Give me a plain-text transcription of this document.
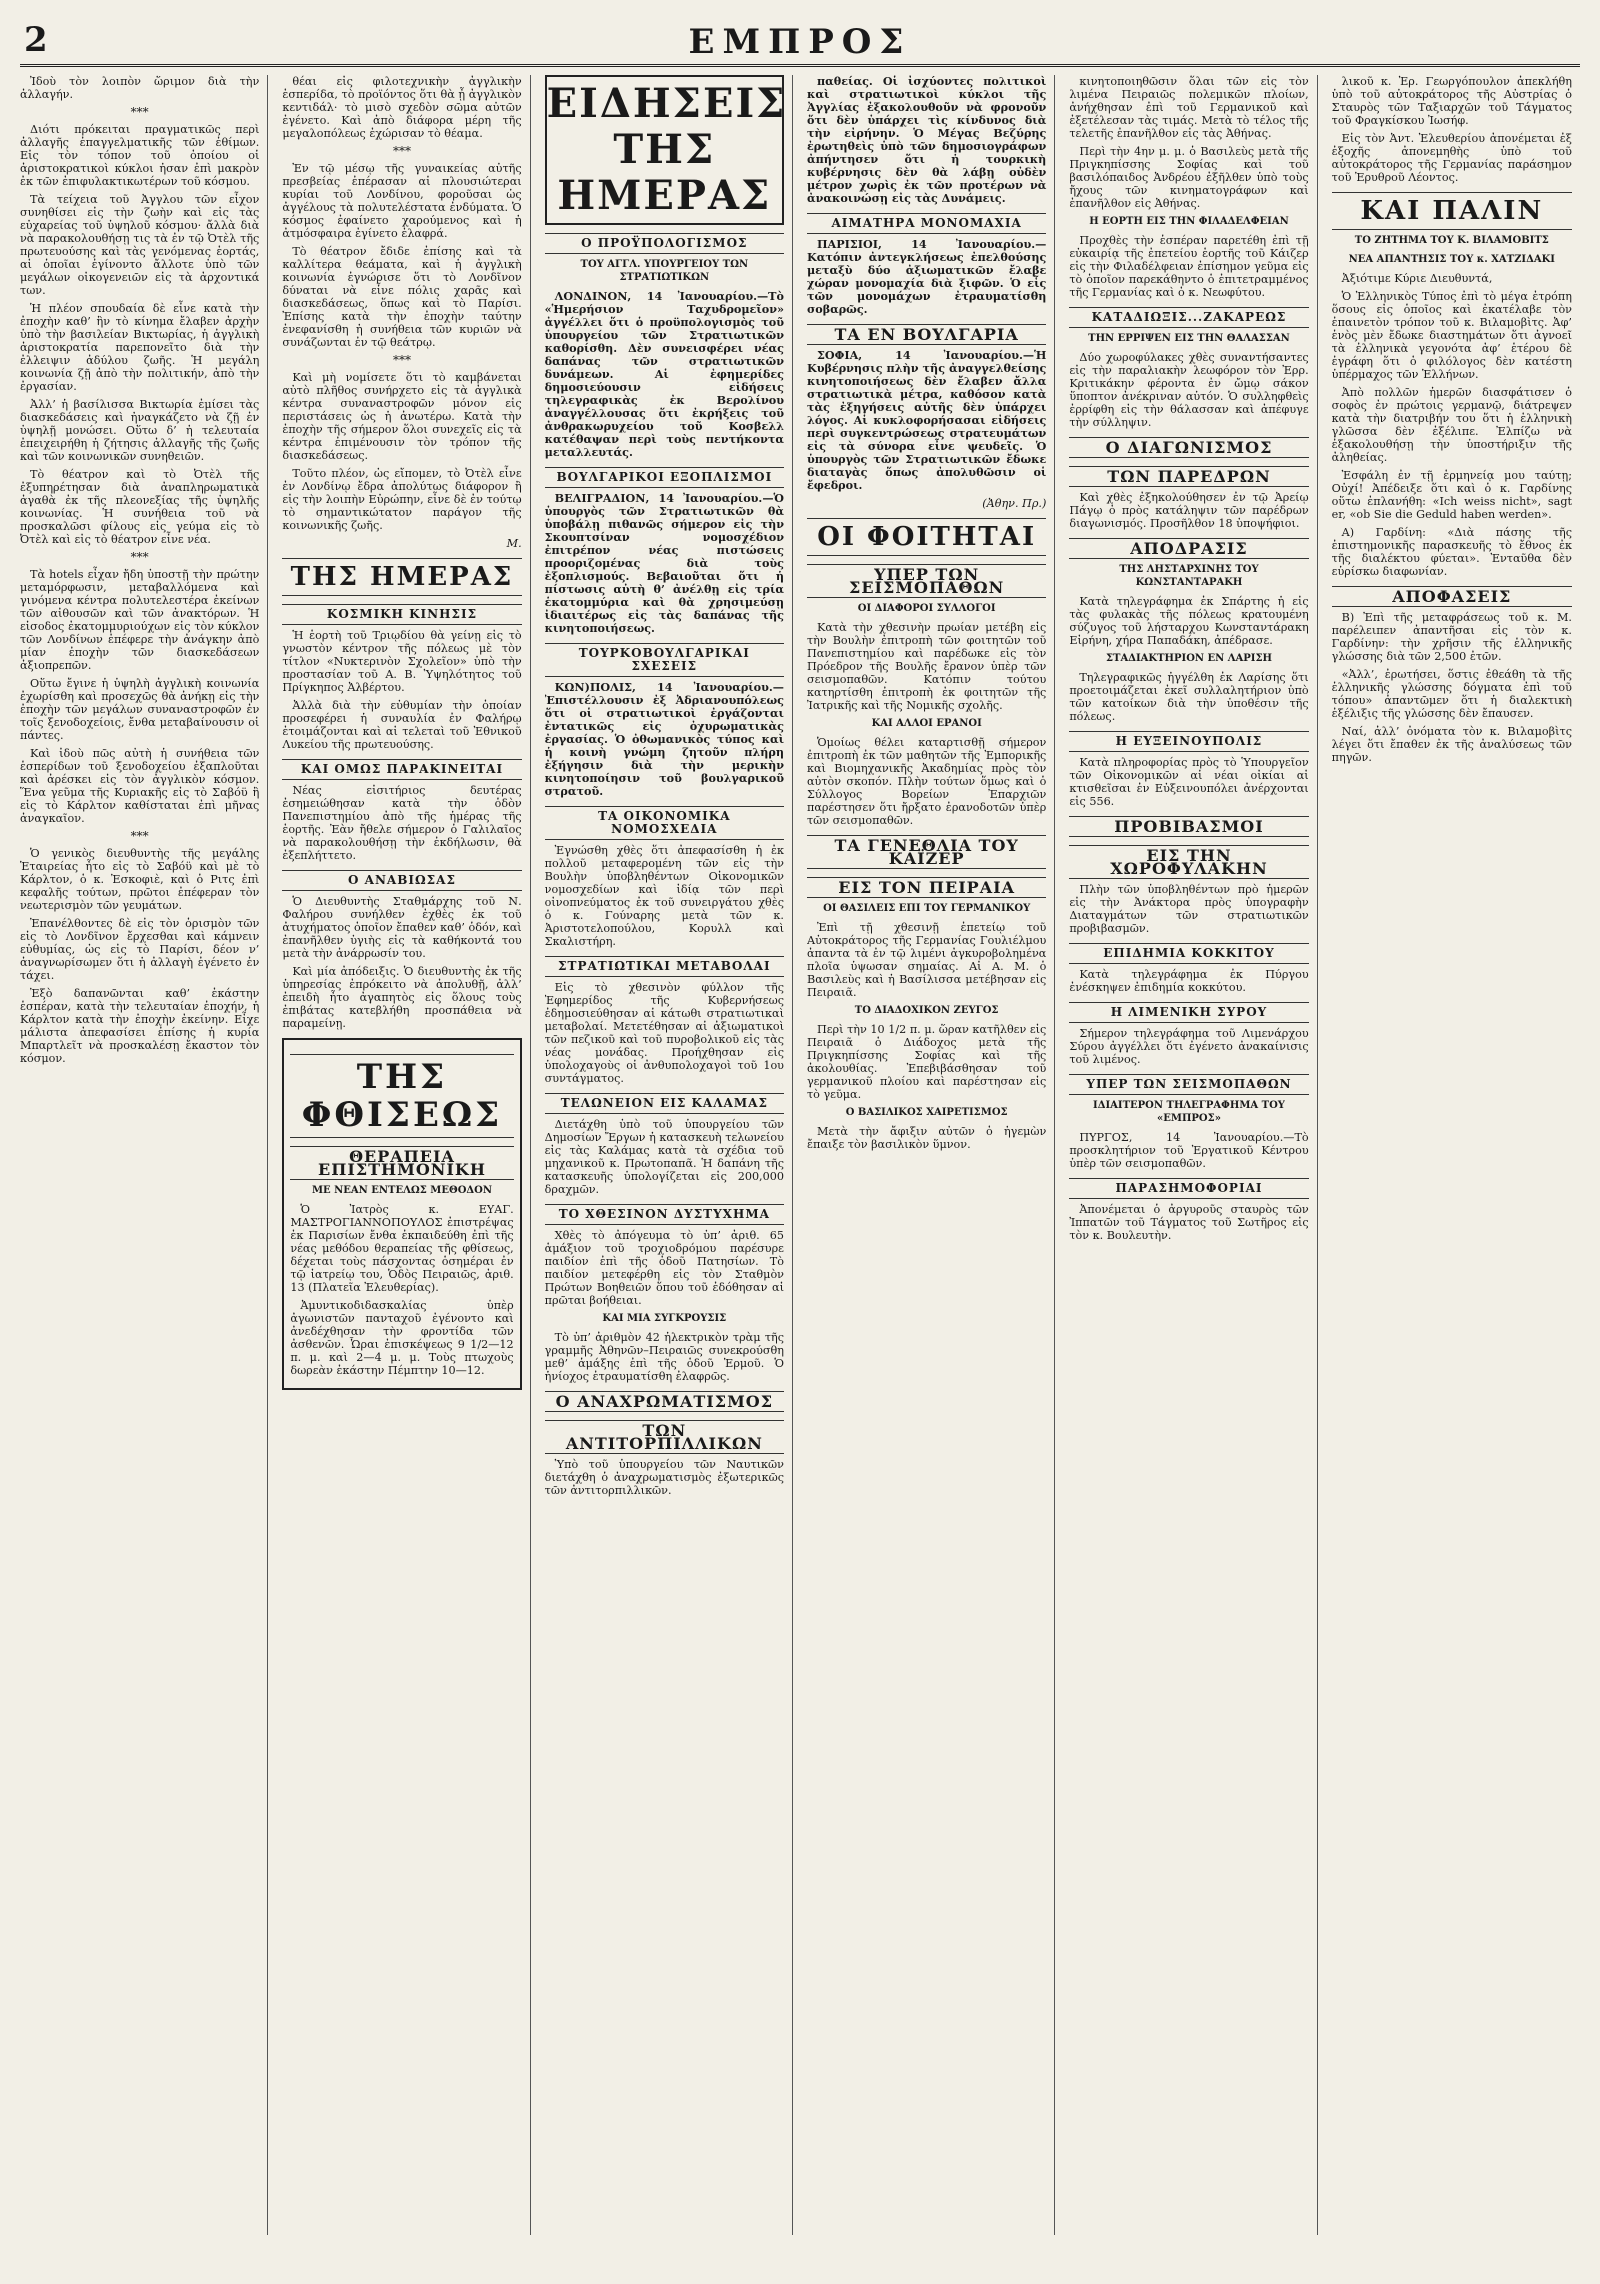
2	ΕΜΠΡΟΣ

Ἰδοὺ τὸν λοιπὸν ὥριμον διὰ τὴν ἀλλαγήν.

***

Διότι πρόκειται πραγματικῶς περὶ ἀλλαγῆς ἐπαγγελματικῆς τῶν ἐθίμων. Εἰς τὸν τόπον τοῦ ὁποίου οἱ ἀριστοκρατικοὶ κύκλοι ἠσαν ἐπὶ μακρὸν ἐκ τῶν ἐπιφυλακτικωτέρων τοῦ κόσμου.

Τὰ τείχεια τοῦ Ἀγγλου τῶν εἶχον συνηθίσει εἰς τὴν ζωὴν καὶ εἰς τὰς εὐχαρείας τοῦ ὑψηλοῦ κόσμου· ἄλλὰ διὰ νὰ παρακολουθήσῃ τις τὰ ἐν τῷ Ὀτὲλ τῆς πρωτευούσης καὶ τὰς γενόμενας ἑορτάς, αἱ ὁποῖαι ἐγίνοντο ἄλλοτε ὑπὸ τῶν μεγάλων οἰκογενειῶν εἰς τὰ ἀρχοντικά των.

Ἡ πλέον σπουδαία δὲ εἶνε κατὰ τὴν ἐποχὴν καθ’ ἣν τὸ κίνημα ἔλαβεν ἀρχὴν ὑπὸ τὴν βασιλείαν Βικτωρίας, ἡ ἀγγλικὴ ἀριστοκρατία παρεπονεῖτο διὰ τὴν ἐλλειψιν ἀδύλου ζωῆς. Ἡ μεγάλη κοινωνία ζῇ ἀπὸ τὴν πολιτικήν, ἀπὸ τὴν ἐργασίαν.

Ἀλλ’ ἡ βασίλισσα Βικτωρία ἐμίσει τὰς διασκεδάσεις καὶ ἠναγκάζετο νὰ ζῇ ἐν ὑψηλῇ μονώσει. Οὕτω δ’ ἡ τελευταία ἐπειχειρήθη ἡ ζήτησις ἀλλαγῆς τῆς ζωῆς καὶ τῶν κοινωνικῶν συνηθειῶν.

Τὸ θέατρον καὶ τὸ Ὀτὲλ τῆς ἐξυπηρέτησαν διὰ ἀναπληρωματικὰ ἀγαθὰ ἐκ τῆς πλεονεξίας τῆς ὑψηλῆς κοινωνίας. Ἡ συνήθεια τοῦ νὰ προσκαλῶσι φίλους εἰς γεύμα εἰς τὸ Ὀτὲλ καὶ εἰς τὸ θέατρον εἶνε νέα.

***

Τὰ hotels εἶχαν ἤδη ὑποστῇ τὴν πρώτην μεταμόρφωσιν, μεταβαλλόμενα καὶ γινόμενα κέντρα πολυτελεστέρα ἐκείνων τῶν αἰθουσῶν καὶ τῶν ἀνακτόρων. Ἡ εἰσοδος ἐκατομμυριούχων εἰς τὸν κύκλον τῶν Λονδίνων ἐπέφερε τὴν ἀνάγκην ἀπὸ μίαν ἐποχὴν τῶν διασκεδάσεων ἀξιοπρεπῶν.

Οὕτω ἔγινε ἡ ὑψηλὴ ἀγγλικὴ κοινωνία ἐχωρίσθη καὶ προσεχῶς θὰ ἀνήκῃ εἰς τὴν ἐποχὴν τῶν μεγάλων συναναστροφῶν ἐν τοῖς ξενοδοχείοις, ἔνθα μεταβαίνουσιν οἱ πάντες.

Καὶ ἰδοὺ πῶς αὐτὴ ἡ συνήθεια τῶν ἑσπερίδων τοῦ ξενοδοχείου ἐξαπλοῦται καὶ ἀρέσκει εἰς τὸν ἀγγλικὸν κόσμον. Ἕνα γεῦμα τῆς Κυριακῆς εἰς τὸ Σαβόϋ ἢ εἰς τὸ Κάρλτον καθίσταται ἐπὶ μῆνας ἀναγκαῖον.

***

Ὁ γενικὸς διευθυντὴς τῆς μεγάλης Ἑταιρείας ἦτο εἰς τὸ Σαβόϋ καὶ μὲ τὸ Κάρλτον, ὁ κ. Ἐσκοφιὲ, καὶ ὁ Ριτς ἐπὶ κεφαλῆς τούτων, πρῶτοι ἐπέφεραν τὸν νεωτερισμὸν τῶν γευμάτων.

Ἐπανέλθοντες δὲ εἰς τὸν ὁρισμὸν τῶν εἰς τὸ Λονδῖνον ἔρχεσθαι καὶ κάμνειν εὐθυμίας, ὡς εἰς τὸ Παρίσι, δέον ν’ ἀναγνωρίσωμεν ὅτι ἡ ἀλλαγὴ ἐγένετο ἐν τάχει.

Ἐξὸ δαπανῶνται καθ’ ἑκάστην ἑσπέραν, κατὰ τὴν τελευταίαν ἐποχήν, ἡ Κάρλτον κατὰ τὴν ἐποχὴν ἐκείνην. Εἶχε μάλιστα ἀπεφασίσει ἐπίσης ἡ κυρία Μπαρτλεῖτ νὰ προσκαλέσῃ ἔκαστον τὸν κόσμον.

θέαι εἰς φιλοτεχνικὴν ἀγγλικὴν ἑσπερίδα, τὸ προϊόντος ὅτι θὰ ᾖ ἀγγλικὸν κεντιδάλ· τὸ μισὸ σχεδὸν σῶμα αὐτῶν ἐγένετο. Καὶ ἀπὸ διάφορα μέρη τῆς μεγαλοπόλεως ἐχώρισαν τὸ θέαμα.

***

Ἐν τῷ μέσῳ τῆς γυναικείας αὐτῆς πρεσβείας ἐπέρασαν αἱ πλουσιώτεραι κυρίαι τοῦ Λονδίνου, φοροῦσαι ὡς ἀγγέλους τὰ πολυτελέστατα ἐνδύματα. Ὁ κόσμος ἐφαίνετο χαρούμενος καὶ ἡ ἀτμόσφαιρα ἐγίνετο ἐλαφρά.

Τὸ θέατρον ἔδιδε ἐπίσης καὶ τὰ καλλίτερα θεάματα, καὶ ἡ ἀγγλικὴ κοινωνία ἐγνώρισε ὅτι τὸ Λονδῖνον δύναται νὰ εἶνε πόλις χαρᾶς καὶ διασκεδάσεως, ὅπως καὶ τὸ Παρίσι. Ἐπίσης κατὰ τὴν ἐποχὴν ταύτην ἐνεφανίσθη ἡ συνήθεια τῶν κυριῶν νὰ συνάζωνται ἐν τῷ θεάτρῳ.

***

Καὶ μὴ νομίσετε ὅτι τὸ καμβάνεται αὐτὸ πλῆθος συνήρχετο εἰς τὰ ἀγγλικὰ κέντρα συναναστροφῶν μόνον εἰς περιστάσεις ὡς ἡ ἀνωτέρω. Κατὰ τὴν ἐποχὴν τῆς σήμερον ὅλοι συνεχεῖς εἰς τὰ κέντρα ἐπιμένουσιν τὸν τρόπον τῆς διασκεδάσεως.

Τοῦτο πλέον, ὡς εἴπομεν, τὸ Ὀτὲλ εἶνε ἐν Λονδίνῳ ἔδρα ἀπολύτως διάφορον ἢ εἰς τὴν λοιπὴν Εὐρώπην, εἶνε δὲ ἐν τούτῳ τὸ σημαντικώτατον παράγον τῆς κοινωνικῆς ζωῆς.

Μ.
ΤΗΣ ΗΜΕΡΑΣ
ΚΟΣΜΙΚΗ ΚΙΝΗΣΙΣ

Ἡ ἑορτὴ τοῦ Τριῳδίου θὰ γείνῃ εἰς τὸ γνωστὸν κέντρον τῆς πόλεως μὲ τὸν τίτλον «Νυκτερινὸν Σχολεῖον» ὑπὸ τὴν προστασίαν τοῦ Α. Β. Ὑψηλότητος τοῦ Πρίγκηπος Ἀλβέρτου.

Ἀλλὰ διὰ τὴν εὐθυμίαν τὴν ὁποίαν προσεφέρει ἡ συναυλία ἐν Φαλήρῳ ἐτοιμάζονται καὶ αἱ τελεταὶ τοῦ Ἐθνικοῦ Λυκείου τῆς πρωτευούσης.

ΚΑΙ ΟΜΩΣ ΠΑΡΑΚΙΝΕΙΤΑΙ

Νέας εἰσιτήριος δευτέρας ἐσημειώθησαν κατὰ τὴν ὁδὸν Πανεπιστημίου ἀπὸ τῆς ἡμέρας τῆς ἑορτῆς. Ἐὰν ἤθελε σήμερον ὁ Γαλιλαῖος νὰ παρακολουθήσῃ τὴν ἐκδήλωσιν, θὰ ἐξεπλήττετο.

Ο ΑΝΑΒΙΩΣΑΣ

Ὁ Διευθυντὴς Σταθμάρχης τοῦ Ν. Φαλήρου συνήλθεν ἐχθὲς ἐκ τοῦ ἀτυχήματος ὁποῖον ἔπαθεν καθ’ ὁδόν, καὶ ἐπανῆλθεν ὑγιὴς εἰς τὰ καθήκοντά του μετὰ τὴν ἀνάρρωσίν του.

Καὶ μία ἀπόδειξις. Ὁ διευθυντὴς ἐκ τῆς ὑπηρεσίας ἐπρόκειτο νὰ ἀπολυθῇ, ἀλλ’ ἐπειδὴ ἦτο ἀγαπητὸς εἰς ὅλους τοὺς ἐπιβάτας κατεβλήθη προσπάθεια νὰ παραμείνῃ.

ΤΗΣ ΦΘΙΣΕΩΣ
ΘΕΡΑΠΕΙΑ ΕΠΙΣΤΗΜΟΝΙΚΗ
ΜΕ ΝΕΑΝ ΕΝΤΕΛΩΣ ΜΕΘΟΔΟΝ

Ὁ Ἰατρὸς κ. ΕΥΑΓ. ΜΑΣΤΡΟΓΙΑΝΝΟΠΟΥΛΟΣ ἐπιστρέψας ἐκ Παρισίων ἔνθα ἐκπαιδεύθη ἐπὶ τῆς νέας μεθόδου θεραπείας τῆς φθίσεως, δέχεται τοὺς πάσχοντας ὁσημέραι ἐν τῷ ἰατρείῳ του, Ὁδὸς Πειραιῶς, ἀριθ. 13 (Πλατεῖα Ἐλευθερίας).

Ἀμυντικοδιδασκαλίας ὑπὲρ ἀγωνιστῶν πανταχοῦ ἐγένοντο καὶ ἀνεδέχθησαν τὴν φροντίδα τῶν ἀσθενῶν. Ὧραι ἐπισκέψεως 9 1/2—12 π. μ. καὶ 2—4 μ. μ. Τοὺς πτωχοὺς δωρεὰν ἑκάστην Πέμπτην 10—12.

ΕΙΔΗΣΕΙΣ ΤΗΣ ΗΜΕΡΑΣ
Ο ΠΡΟΫΠΟΛΟΓΙΣΜΟΣ
ΤΟΥ ΑΓΓΛ. ΥΠΟΥΡΓΕΙΟΥ ΤΩΝ ΣΤΡΑΤΙΩΤΙΚΩΝ

ΛΟΝΔΙΝΟΝ, 14 Ἰανουαρίου.—Τὸ «Ἡμερήσιον Ταχυδρομεῖον» ἀγγέλλει ὅτι ὁ προϋπολογισμὸς τοῦ ὑπουργείου τῶν Στρατιωτικῶν καθορίσθη. Δὲν συνεισφέρει νέας δαπάνας τῶν στρατιωτικῶν δυνάμεων. Αἱ ἐφημερίδες δημοσιεύουσιν εἰδήσεις τηλεγραφικὰς ἐκ Βερολίνου ἀναγγέλλουσας ὅτι ἐκρήξεις τοῦ ἀνθρακωρυχείου τοῦ Κοσβελλ κατέθαψαν περὶ τοὺς πεντήκοντα μεταλλευτάς.

ΒΟΥΛΓΑΡΙΚΟΙ ΕΞΟΠΛΙΣΜΟΙ

ΒΕΛΙΓΡΑΔΙΟΝ, 14 Ἰανουαρίου.—Ὁ ὑπουργὸς τῶν Στρατιωτικῶν θὰ ὑποβάλῃ πιθανῶς σήμερον εἰς τὴν Σκουπτσίναν νομοσχέδιον ἐπιτρέπον νέας πιστώσεις προοριζομένας διὰ τοὺς ἐξοπλισμούς. Βεβαιοῦται ὅτι ἡ πίστωσις αὐτὴ θ’ ἀνέλθῃ εἰς τρία ἑκατομμύρια καὶ θὰ χρησιμεύσῃ ἰδιαιτέρως εἰς τὰς δαπάνας τῆς κινητοποιήσεως.

ΤΟΥΡΚΟΒΟΥΛΓΑΡΙΚΑΙ ΣΧΕΣΕΙΣ

ΚΩΝ)ΠΟΛΙΣ, 14 Ἰανουαρίου.—Ἐπιστέλλουσιν ἐξ Ἀδριανουπόλεως ὅτι οἱ στρατιωτικοὶ ἐργάζονται ἐντατικῶς εἰς ὀχυρωματικὰς ἐργασίας. Ὁ ὀθωμανικὸς τύπος καὶ ἡ κοινὴ γνώμη ζητοῦν πλήρη ἐξήγησιν διὰ τὴν μερικὴν κινητοποίησιν τοῦ βουλγαρικοῦ στρατοῦ.

ΤΑ ΟΙΚΟΝΟΜΙΚΑ ΝΟΜΟΣΧΕΔΙΑ

Ἐγνώσθη χθὲς ὅτι ἀπεφασίσθη ἡ ἐκ πολλοῦ μεταφερομένη τῶν εἰς τὴν Βουλὴν ὑποβληθέντων Οἰκονομικῶν νομοσχεδίων καὶ ἰδίᾳ τῶν περὶ οἰνοπνεύματος ἐκ τοῦ συνειργάτου χθὲς ὁ κ. Γούναρης μετὰ τῶν κ. Ἀριστοτελοπούλου, Κορυλλ καὶ Σκαλιστήρη.

ΣΤΡΑΤΙΩΤΙΚΑΙ ΜΕΤΑΒΟΛΑΙ

Εἰς τὸ χθεσινὸν φύλλον τῆς Ἐφημερίδος τῆς Κυβερνήσεως ἐδημοσιεύθησαν αἱ κάτωθι στρατιωτικαὶ μεταβολαί. Μετετέθησαν αἱ ἀξιωματικοὶ τῶν πεζικοῦ καὶ τοῦ πυροβολικοῦ εἰς τὰς νέας μονάδας. Προήχθησαν εἰς ὑπολοχαγοὺς οἱ ἀνθυπολοχαγοὶ τοῦ 1ου συντάγματος.

ΤΕΛΩΝΕΙΟΝ ΕΙΣ ΚΑΛΑΜΑΣ

Διετάχθη ὑπὸ τοῦ ὑπουργείου τῶν Δημοσίων Ἔργων ἡ κατασκευὴ τελωνείου εἰς τὰς Καλάμας κατὰ τὰ σχέδια τοῦ μηχανικοῦ κ. Πρωτοπαπᾶ. Ἡ δαπάνη τῆς κατασκευῆς ὑπολογίζεται εἰς 200,000 δραχμῶν.

ΤΟ ΧΘΕΣΙΝΟΝ ΔΥΣΤΥΧΗΜΑ

Χθὲς τὸ ἀπόγευμα τὸ ὑπ’ ἀριθ. 65 ἁμάξιον τοῦ τροχιοδρόμου παρέσυρε παιδίον ἐπὶ τῆς ὁδοῦ Πατησίων. Τὸ παιδίον μετεφέρθη εἰς τὸν Σταθμὸν Πρώτων Βοηθειῶν ὅπου τοῦ ἐδόθησαν αἱ πρῶται βοήθειαι.

ΚΑΙ ΜΙΑ ΣΥΓΚΡΟΥΣΙΣ

Τὸ ὑπ’ ἀριθμὸν 42 ἠλεκτρικὸν τρὰμ τῆς γραμμῆς Ἀθηνῶν–Πειραιῶς συνεκρούσθη μεθ’ ἁμάξης ἐπὶ τῆς ὁδοῦ Ἑρμοῦ. Ὁ ἡνίοχος ἐτραυματίσθη ἐλαφρῶς.

Ο ΑΝΑΧΡΩΜΑΤΙΣΜΟΣ
ΤΩΝ ΑΝΤΙΤΟΡΠΙΛΛΙΚΩΝ

Ὑπὸ τοῦ ὑπουργείου τῶν Ναυτικῶν διετάχθη ὁ ἀναχρωματισμὸς ἐξωτερικῶς τῶν ἀντιτορπιλλικῶν.

παθείας. Οἱ ἰσχύοντες πολιτικοὶ καὶ στρατιωτικοὶ κύκλοι τῆς Ἀγγλίας ἐξακολουθοῦν νὰ φρονοῦν ὅτι δὲν ὑπάρχει τὶς κίνδυνος διὰ τὴν εἰρήνην. Ὁ Μέγας Βεζύρης ἐρωτηθεὶς ὑπὸ τῶν δημοσιογράφων ἀπήντησεν ὅτι ἡ τουρκικὴ κυβέρνησις δὲν θὰ λάβῃ οὐδὲν μέτρον χωρὶς ἐκ τῶν προτέρων νὰ ἀνακοινώσῃ εἰς τὰς Δυνάμεις.

ΑΙΜΑΤΗΡΑ ΜΟΝΟΜΑΧΙΑ

ΠΑΡΙΣΙΟΙ, 14 Ἰανουαρίου.—Κατόπιν ἀντεγκλήσεως ἐπελθούσης μεταξὺ δύο ἀξιωματικῶν ἔλαβε χώραν μονομαχία διὰ ξιφῶν. Ὁ εἷς τῶν μονομάχων ἐτραυματίσθη σοβαρῶς.

ΤΑ ΕΝ ΒΟΥΛΓΑΡΙΑ

ΣΟΦΙΑ, 14 Ἰανουαρίου.—Ἡ Κυβέρνησις πλὴν τῆς ἀναγγελθείσης κινητοποιήσεως δὲν ἔλαβεν ἄλλα στρατιωτικὰ μέτρα, καθόσον κατὰ τὰς ἐξηγήσεις αὐτῆς δὲν ὑπάρχει λόγος. Αἱ κυκλοφορήσασαι εἰδήσεις περὶ συγκεντρώσεως στρατευμάτων εἰς τὰ σύνορα εἶνε ψευδεῖς. Ὁ ὑπουργὸς τῶν Στρατιωτικῶν ἔδωκε διαταγὰς ὅπως ἀπολυθῶσιν οἱ ἔφεδροι.

(Ἀθην. Πρ.)
ΟΙ ΦΟΙΤΗΤΑΙ
ΥΠΕΡ ΤΩΝ ΣΕΙΣΜΟΠΑΘΩΝ
ΟΙ ΔΙΑΦΟΡΟΙ ΣΥΛΛΟΓΟΙ

Κατὰ τὴν χθεσινὴν πρωίαν μετέβη εἰς τὴν Βουλὴν ἐπιτροπὴ τῶν φοιτητῶν τοῦ Πανεπιστημίου καὶ παρέδωκε εἰς τὸν Πρόεδρον τῆς Βουλῆς ἔρανον ὑπὲρ τῶν σεισμοπαθῶν. Κατόπιν τούτου κατηρτίσθη ἐπιτροπὴ ἐκ φοιτητῶν τῆς Ἰατρικῆς καὶ τῆς Νομικῆς σχολῆς.

ΚΑΙ ΑΛΛΟΙ ΕΡΑΝΟΙ

Ὁμοίως θέλει καταρτισθῇ σήμερον ἐπιτροπὴ ἐκ τῶν μαθητῶν τῆς Ἐμπορικῆς καὶ Βιομηχανικῆς Ἀκαδημίας πρὸς τὸν αὐτὸν σκοπόν. Πλὴν τούτων ὅμως καὶ ὁ Σύλλογος Βορείων Ἐπαρχιῶν παρέστησεν ὅτι ἤρξατο ἐρανοδοτῶν ὑπὲρ τῶν σεισμοπαθῶν.

ΤΑ ΓΕΝΕΘΛΙΑ ΤΟΥ ΚΑΪΖΕΡ
ΕΙΣ ΤΟΝ ΠΕΙΡΑΙΑ
ΟΙ ΘΑΣΙΛΕΙΣ ΕΠΙ ΤΟΥ ΓΕΡΜΑΝΙΚΟΥ

Ἐπὶ τῇ χθεσινῇ ἐπετείῳ τοῦ Αὐτοκράτορος τῆς Γερμανίας Γουλιέλμου ἀπαντα τὰ ἐν τῷ λιμένι ἀγκυροβολημένα πλοῖα ὑψωσαν σημαίας. Αἱ Α. Μ. ὁ Βασιλεὺς καὶ ἡ Βασίλισσα μετέβησαν εἰς Πειραιᾶ.

ΤΟ ΔΙΑΔΟΧΙΚΟΝ ΖΕΥΓΟΣ

Περὶ τὴν 10 1/2 π. μ. ὥραν κατῆλθεν εἰς Πειραιᾶ ὁ Διάδοχος μετὰ τῆς Πριγκηπίσσης Σοφίας καὶ τῆς ἀκολουθίας. Ἐπεβιβάσθησαν τοῦ γερμανικοῦ πλοίου καὶ παρέστησαν εἰς τὸ γεῦμα.

Ο ΒΑΣΙΛΙΚΟΣ ΧΑΙΡΕΤΙΣΜΟΣ

Μετὰ τὴν ἄφιξιν αὐτῶν ὁ ἡγεμὼν ἔπαιξε τὸν βασιλικὸν ὕμνον.

κινητοποιηθῶσιν ὅλαι τῶν εἰς τὸν λιμένα Πειραιῶς πολεμικῶν πλοίων, ἀνήχθησαν ἐπὶ τοῦ Γερμανικοῦ καὶ ἐξετέλεσαν τὰς τιμάς. Μετὰ τὸ τέλος τῆς τελετῆς ἐπανῆλθον εἰς τὰς Ἀθήνας.

Περὶ τὴν 4ην μ. μ. ὁ Βασιλεὺς μετὰ τῆς Πριγκηπίσσης Σοφίας καὶ τοῦ βασιλόπαιδος Ἀνδρέου ἐξῆλθεν ὑπὸ τοὺς ἤχους τῶν κινηματογράφων καὶ ἐπανῆλθον εἰς Ἀθήνας.

Η ΕΟΡΤΗ ΕΙΣ ΤΗΝ ΦΙΛΑΔΕΛΦΕΙΑΝ

Προχθὲς τὴν ἑσπέραν παρετέθη ἐπὶ τῇ εὐκαιρίᾳ τῆς ἐπετείου ἑορτῆς τοῦ Κάιζερ εἰς τὴν Φιλαδέλφειαν ἐπίσημον γεῦμα εἰς τὸ ὁποῖον παρεκάθηντο ὁ ἐπιτετραμμένος τῆς Γερμανίας καὶ ὁ κ. Νεωφύτου.

ΚΑΤΑΔΙΩΞΙΣ...ΖΑΚΑΡΕΩΣ
ΤΗΝ ΕΡΡΙΨΕΝ ΕΙΣ ΤΗΝ ΘΑΛΑΣΣΑΝ

Δύο χωροφύλακες χθὲς συναντήσαντες εἰς τὴν παραλιακὴν λεωφόρον τὸν Ἐρρ. Κριτικάκην φέροντα ἐν ὤμῳ σάκον ὕποπτον ἀνέκριναν αὐτόν. Ὁ συλληφθεὶς ἐρρίφθη εἰς τὴν θάλασσαν καὶ ἀπέφυγε τὴν σύλληψιν.

Ο ΔΙΑΓΩΝΙΣΜΟΣ
ΤΩΝ ΠΑΡΕΔΡΩΝ

Καὶ χθὲς ἐξηκολούθησεν ἐν τῷ Ἀρείῳ Πάγῳ ὁ πρὸς κατάληψιν τῶν παρέδρων διαγωνισμός. Προσῆλθον 18 ὑποψήφιοι.

ΑΠΟΔΡΑΣΙΣ
ΤΗΣ ΛΗΣΤΑΡΧΙΝΗΣ ΤΟΥ ΚΩΝΣΤΑΝΤΑΡΑΚΗ

Κατὰ τηλεγράφημα ἐκ Σπάρτης ἡ εἰς τὰς φυλακὰς τῆς πόλεως κρατουμένη σύζυγος τοῦ λήσταρχου Κωνσταντάρακη Εἰρήνη, χήρα Παπαδάκη, ἀπέδρασε.

ΣΤΑΔΙΑΚΤΗΡΙΟΝ ΕΝ ΛΑΡΙΣΗ

Τηλεγραφικῶς ἠγγέλθη ἐκ Λαρίσης ὅτι προετοιμάζεται ἐκεῖ συλλαλητήριον ὑπὸ τῶν κατοίκων διὰ τὴν ὑποθέσιν τῆς πόλεως.

Η ΕΥΞΕΙΝΟΥΠΟΛΙΣ

Κατὰ πληροφορίας πρὸς τὸ Ὑπουργεῖον τῶν Οἰκονομικῶν αἱ νέαι οἰκίαι αἱ κτισθεῖσαι ἐν Εὐξεινουπόλει ἀνέρχονται εἰς 556.

ΠΡΟΒΙΒΑΣΜΟΙ
ΕΙΣ ΤΗΝ ΧΩΡΟΦΥΛΑΚΗΝ

Πλὴν τῶν ὑποβληθέντων πρὸ ἡμερῶν εἰς τὴν Ἀνάκτορα πρὸς ὑπογραφὴν Διαταγμάτων τῶν στρατιωτικῶν προβιβασμῶν.

ΕΠΙΔΗΜΙΑ ΚΟΚΚΙΤΟΥ

Κατὰ τηλεγράφημα ἐκ Πύργου ἐνέσκηψεν ἐπιδημία κοκκύτου.

Η ΛΙΜΕΝΙΚΗ ΣΥΡΟΥ

Σήμερον τηλεγράφημα τοῦ Λιμενάρχου Σύρου ἀγγέλλει ὅτι ἐγένετο ἀνακαίνισις τοῦ λιμένος.

ΥΠΕΡ ΤΩΝ ΣΕΙΣΜΟΠΑΘΩΝ
ΙΔΙΑΙΤΕΡΟΝ ΤΗΛΕΓΡΑΦΗΜΑ ΤΟΥ «ΕΜΠΡΟΣ»

ΠΥΡΓΟΣ, 14 Ἰανουαρίου.—Τὸ προσκλητήριον τοῦ Ἐργατικοῦ Κέντρου ὑπὲρ τῶν σεισμοπαθῶν.

ΠΑΡΑΣΗΜΟΦΟΡΙΑΙ

Ἀπονέμεται ὁ ἀργυροῦς σταυρὸς τῶν Ἰππατῶν τοῦ Τάγματος τοῦ Σωτῆρος εἰς τὸν κ. Βουλευτὴν.

λικοῦ κ. Ἐρ. Γεωργόπουλον ἀπεκλήθη ὑπὸ τοῦ αὐτοκράτορος τῆς Αὐστρίας ὁ Σταυρὸς τῶν Ταξιαρχῶν τοῦ Τάγματος τοῦ Φραγκίσκου Ἰωσήφ.

Εἰς τὸν Ἀντ. Ἐλευθερίου ἀπονέμεται ἐξ ἐξοχῆς ἀπονεμηθὴς ὑπὸ τοῦ αὐτοκράτορος τῆς Γερμανίας παράσημον τοῦ Ἐρυθροῦ Λέοντος.

ΚΑΙ ΠΑΛΙΝ
ΤΟ ΖΗΤΗΜΑ ΤΟΥ Κ. ΒΙΛΑΜΟΒΙΤΣ
ΝΕΑ ΑΠΑΝΤΗΣΙΣ ΤΟΥ κ. ΧΑΤΖΙΔΑΚΙ

Ἀξιότιμε Κύριε Διευθυντά,

Ὁ Ἐλληνικὸς Τύπος ἐπὶ τὸ μέγα ἐτρόπη ὅσους εἰς ὁποῖος καὶ ἐκατέλαβε τὸν ἐπαινετὸν τρόπον τοῦ κ. Βιλαμοβὶτς. Ἀφ’ ἑνὸς μὲν ἔδωκε διαστημάτων ὅτι ἀγνοεῖ τὰ ἐλληνικὰ γεγονότα ἀφ’ ἑτέρου δὲ ἐγράφη ὅτι ὁ φιλόλογος δὲν κατέστη ὑπέρμαχος τῶν Ἑλλήνων.

Ἀπὸ πολλῶν ἡμερῶν διασφάτισεν ὁ σοφὸς ἐν πρώτοις γερμανῷ, διάτρεψεν κατὰ τὴν διατριβήν του ὅτι ἡ ἑλληνικὴ γλῶσσα δὲν ἐξέλιπε. Ἐλπίζω νὰ ἐξακολουθήσῃ τὴν ὑποστήριξιν τῆς ἀληθείας.

Ἐσφάλη ἐν τῇ ἑρμηνείᾳ μου ταύτῃ; Οὐχί! Ἀπέδειξε ὅτι καὶ ὁ κ. Γαρδίνης οὕτω ἐπλανήθη: «Ich weiss nicht», sagt er, «ob Sie die Geduld haben werden».

Α) Γαρδίνη: «Διὰ πάσης τῆς ἐπιστημονικῆς παρασκευῆς τὸ ἔθνος ἐκ τῆς διαλέκτου φύεται». Ἐνταῦθα δὲν εὑρίσκω διαφωνίαν.

ΑΠΟΦΑΣΕΙΣ

Β) Ἐπὶ τῆς μεταφράσεως τοῦ κ. Μ. παρέλειπεν ἀπαντῆσαι εἰς τὸν κ. Γαρδίνην: τὴν χρῆσιν τῆς ἑλληνικῆς γλώσσης διὰ τῶν 2,500 ἐτῶν.

«Ἀλλ’, ἐρωτήσει, ὅστις ἐθεάθη τὰ τῆς ἑλληνικῆς γλώσσης δόγματα ἐπὶ τοῦ τόπου» ἀπαντῶμεν ὅτι ἡ διαλεκτικὴ ἐξέλιξις τῆς γλώσσης δὲν ἔπαυσεν.

Ναί, ἀλλ’ ὀνόματα τὸν κ. Βιλαμοβὶτς λέγει ὅτι ἔπαθεν ἐκ τῆς ἀναλύσεως τῶν πηγῶν.
